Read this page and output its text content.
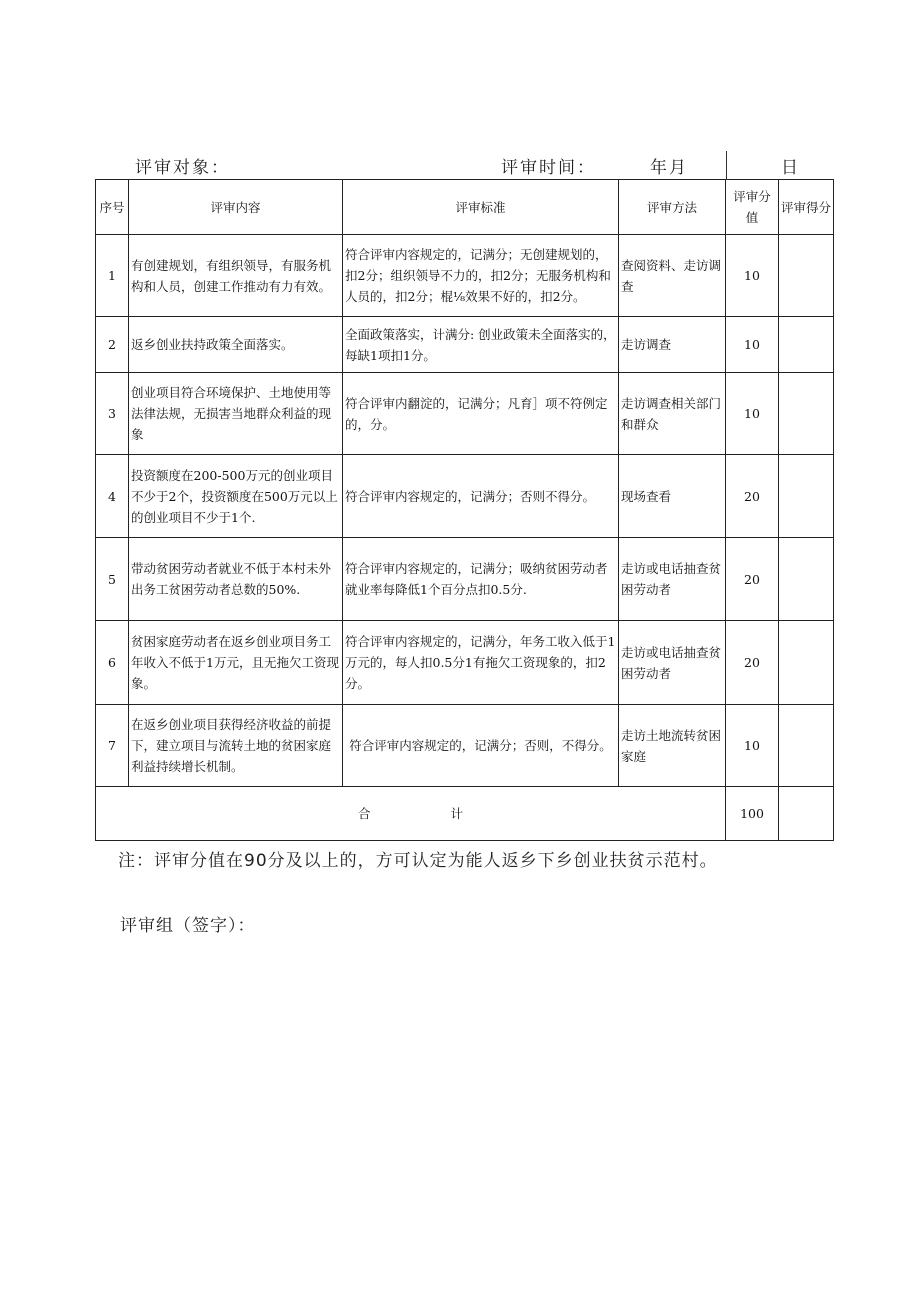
评审对象：	评审时间：	年月	日
序号	评审内容	评审标准	评审方法	评审分值	评审得分
1	有创建规划，有组织领导，有服务机构和人员，创建工作推动有力有效。	符合评审内容规定的，记满分；无创建规划的，扣2分；组织领导不力的，扣2分；无服务机构和人员的，扣2分；棍⅛效果不好的，扣2分。	查阅资料、走访调查	10	
2	返乡创业扶持政策全面落实。	全面政策落实，计满分: 创业政策未全面落实的，每缺1项扣1分。	走访调查	10	
3	创业项目符合环境保护、土地使用等法律法规，无损害当地群众利益的现象	符合评审内翻淀的，记满分；凡育］项不符例定的，分。	走访调查相关部门和群众	10	
4	投资额度在200-500万元的创业项目不少于2个，投资额度在500万元以上的创业项目不少于1个.	符合评审内容规定的，记满分；否则不得分。	现场查看	20	
5	带动贫困劳动者就业不低于本村未外出务工贫困劳动者总数的50%.	符合评审内容规定的，记满分；吸纳贫困劳动者就业率每降低1个百分点扣0.5分.	走访或电话抽查贫困劳动者	20	
6	贫困家庭劳动者在返乡创业项目务工年收入不低于1万元，且无拖欠工资现象。	符合评审内容规定的，记满分，年务工收入低于1万元的，每人扣0.5分1有拖欠工资现象的，扣2分。	走访或电话抽查贫困劳动者	20	
7	在返乡创业项目获得经济收益的前提下，建立项目与流转土地的贫困家庭利益持续增长机制。	符合评审内容规定的，记满分；否则，不得分。	走访土地流转贫困家庭	10	
合 计				100	
注：评审分值在90分及以上的，方可认定为能人返乡下乡创业扶贫示范村。
评审组（签字）：
